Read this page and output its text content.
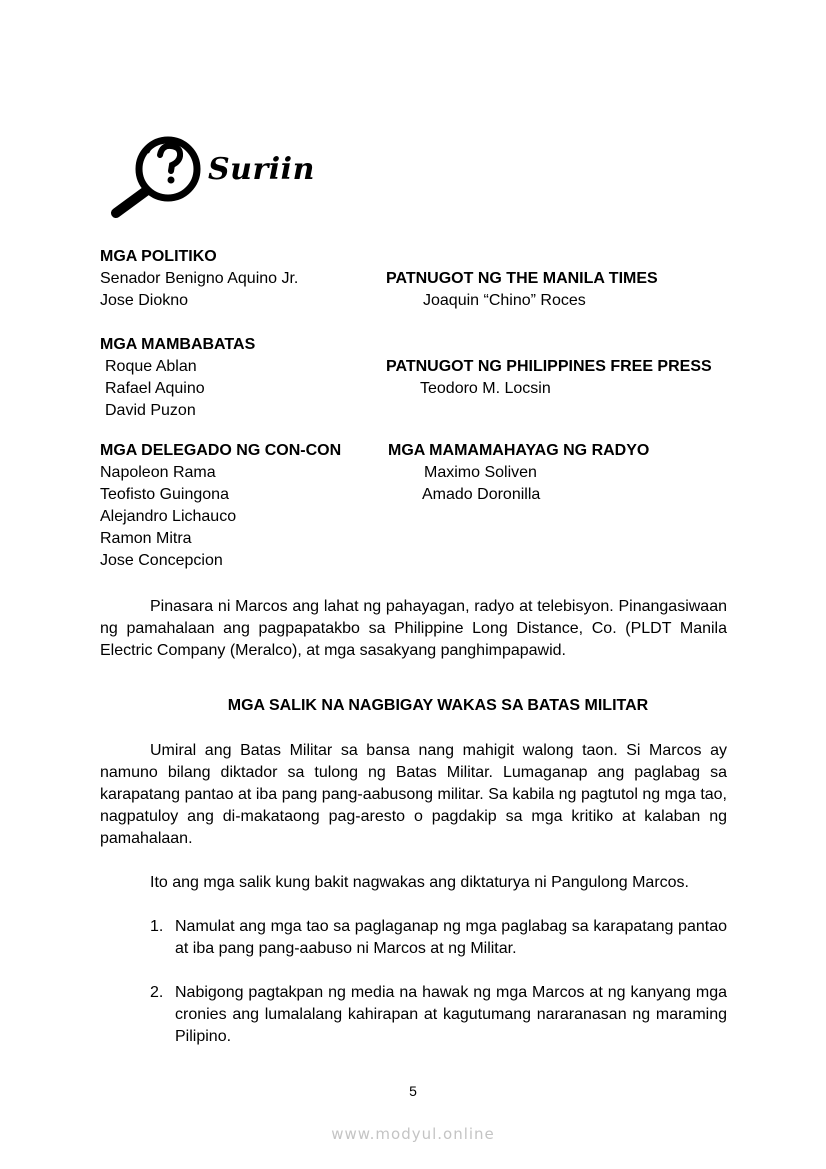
Suriin
MGA POLITIKO
Senador Benigno Aquino Jr.
Jose Diokno
PATNUGOT NG THE MANILA TIMES
Joaquin “Chino” Roces
MGA MAMBABATAS
Roque Ablan
Rafael Aquino
David Puzon
PATNUGOT NG PHILIPPINES FREE PRESS
Teodoro M. Locsin
MGA DELEGADO NG CON-CON
Napoleon Rama
Teofisto Guingona
Alejandro Lichauco
Ramon Mitra
Jose Concepcion
MGA MAMAMAHAYAG NG RADYO
Maximo Soliven
Amado Doronilla
Pinasara ni Marcos ang lahat ng pahayagan, radyo at telebisyon. Pinangasiwaan ng pamahalaan ang pagpapatakbo sa Philippine Long Distance, Co. (PLDT Manila Electric Company (Meralco), at mga sasakyang panghimpapawid.
MGA SALIK NA NAGBIGAY WAKAS SA BATAS MILITAR
Umiral ang Batas Militar sa bansa nang mahigit walong taon. Si Marcos ay namuno bilang diktador sa tulong ng Batas Militar. Lumaganap ang paglabag sa karapatang pantao at iba pang pang-aabusong militar. Sa kabila ng pagtutol ng mga tao, nagpatuloy ang di-makataong pag-aresto o pagdakip sa mga kritiko at kalaban ng pamahalaan.
Ito ang mga salik kung bakit nagwakas ang diktaturya ni Pangulong Marcos.
1. Namulat ang mga tao sa paglaganap ng mga paglabag sa karapatang pantao at iba pang pang-aabuso ni Marcos at ng Militar.
2. Nabigong pagtakpan ng media na hawak ng mga Marcos at ng kanyang mga cronies ang lumalalang kahirapan at kagutumang nararanasan ng maraming Pilipino.
5
www.modyul.online
